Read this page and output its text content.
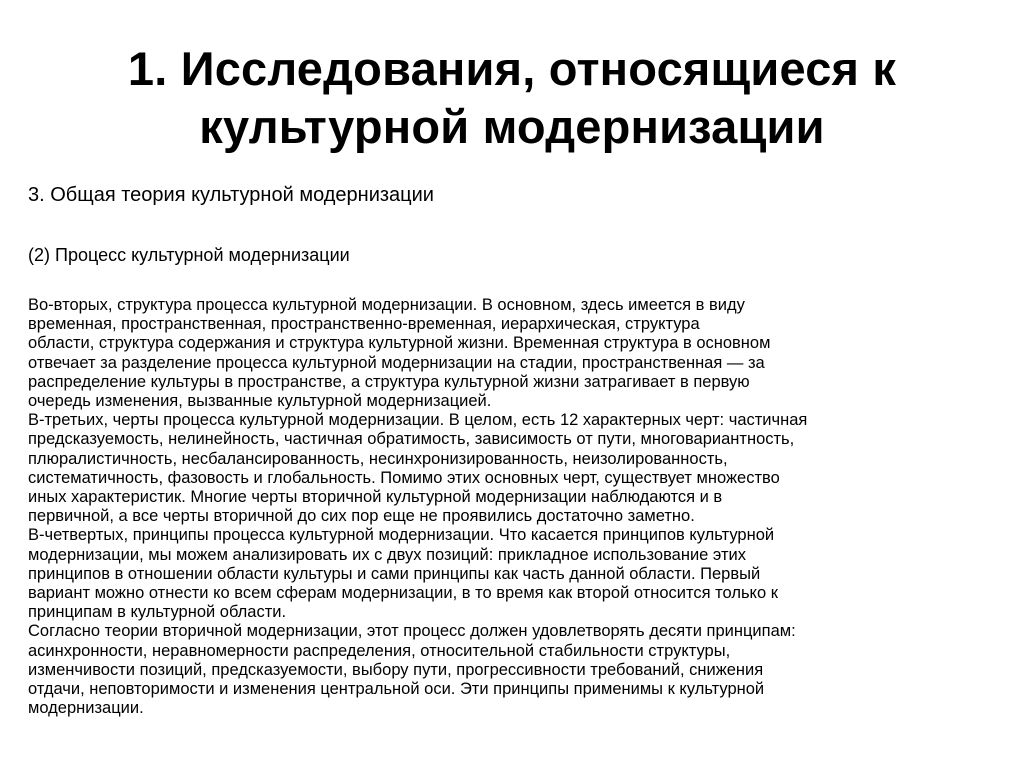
1. Исследования, относящиеся к
культурной модернизации
3. Общая теория культурной модернизации
(2) Процесс культурной модернизации

Во-вторых, структура процесса культурной модернизации. В основном, здесь имеется в виду
временная, пространственная, пространственно-временная, иерархическая, структура

области, структура содержания и структура культурной жизни. Временная структура в основном
отвечает за разделение процесса культурной модернизации на стадии, пространственная — за
распределение культуры в пространстве, а структура культурной жизни затрагивает в первую
очередь изменения, вызванные культурной модернизацией.

В-третьих, черты процесса культурной модернизации. В целом, есть 12 характерных черт: частичная
предсказуемость, нелинейность, частичная обратимость, зависимость от пути, многовариантность,
плюралистичность, несбалансированность, несинхронизированность, неизолированность,
систематичность, фазовость и глобальность. Помимо этих основных черт, существует множество
иных характеристик. Многие черты вторичной культурной модернизации наблюдаются и в
первичной, а все черты вторичной до сих пор еще не проявились достаточно заметно.

В-четвертых, принципы процесса культурной модернизации. Что касается принципов культурной
модернизации, мы можем анализировать их с двух позиций: прикладное использование этих
принципов в отношении области культуры и сами принципы как часть данной области. Первый
вариант можно отнести ко всем сферам модернизации, в то время как второй относится только к
принципам в культурной области.

Согласно теории вторичной модернизации, этот процесс должен удовлетворять десяти принципам:
асинхронности, неравномерности распределения, относительной стабильности структуры,
изменчивости позиций, предсказуемости, выбору пути, прогрессивности требований, снижения
отдачи, неповторимости и изменения центральной оси. Эти принципы применимы к культурной
модернизации.
